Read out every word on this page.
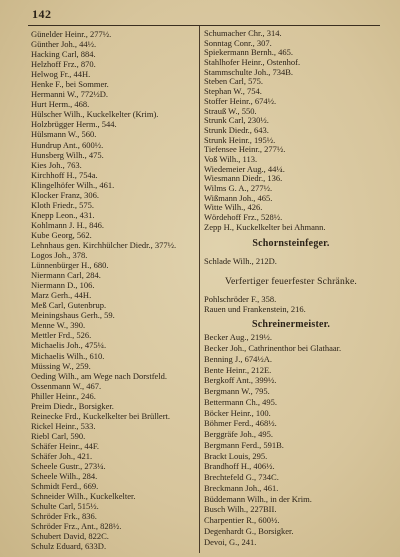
142
Günelder Heinr., 277½.
Günther Joh., 44½.
Hacking Carl, 884.
Helzhoff Frz., 870.
Helwog Fr., 44H.
Henke F., bei Sommer.
Hermanni W., 772½D.
Hurt Herm., 468.
Hülscher Wilh., Kuckelkelter (Krim).
Holzbrügger Herm., 544.
Hülsmann W., 560.
Hundrup Ant., 600½.
Hunsberg Wilh., 475.
Kies Joh., 763.
Kirchhoff H., 754a.
Klingelhöfer Wilh., 461.
Klocker Franz, 306.
Kloth Friedr., 575.
Knepp Leon., 431.
Kohlmann J. H., 846.
Kube Georg, 562.
Lehnhaus gen. Kirchhülcher Diedr., 377½.
Logos Joh., 378.
Lünnenbürger H., 680.
Niermann Carl, 284.
Niermann D., 106.
Marz Gerh., 44H.
Meß Carl, Gutenbrup.
Meiningshaus Gerh., 59.
Menne W., 390.
Mettler Frd., 526.
Michaelis Joh., 475¼.
Michaelis Wilh., 610.
Müssing W., 259.
Oeding Wilh., am Wege nach Dorstfeld.
Ossenmann W., 467.
Philler Heinr., 246.
Preim Diedr., Borsigker.
Reinecke Frd., Kuckelkelter bei Brüllert.
Rickel Heinr., 533.
Riebl Carl, 590.
Schäfer Heinr., 44F.
Schäfer Joh., 421.
Scheele Gustr., 273¼.
Scheele Wilh., 284.
Schmidt Ferd., 669.
Schneider Wilh., Kuckelkelter.
Schulte Carl, 515½.
Schröder Frk., 836.
Schröder Frz., Ant., 828½.
Schubert David, 822C.
Schulz Eduard, 633D.
Schumacher Chr., 314.
Sonntag Conr., 307.
Spiekermann Bernh., 465.
Stahlhofer Heinr., Ostenhof.
Stammschulte Joh., 734B.
Steben Carl, 575.
Stephan W., 754.
Stoffer Heinr., 674½.
Strauß W., 550.
Strunk Carl, 230½.
Strunk Diedr., 643.
Strunk Heinr., 195½.
Tiefensee Heinr., 277½.
Voß Wilh., 113.
Wiedemeier Aug., 44¼.
Wiesmann Diedr., 136.
Wilms G. A., 277½.
Wißmann Joh., 465.
Witte Wilh., 426.
Wördehoff Frz., 528½.
Zepp H., Kuckelkelter bei Ahmann.
Schornsteinfeger.
Schlade Wilh., 212D.
Verfertiger feuerfester Schränke.
Pohlschröder F., 358.
Rauen und Frankenstein, 216.
Schreinermeister.
Becker Aug., 219½.
Becker Joh., Cathrinenthor bei Glathaar.
Benning J., 674½A.
Bente Heinr., 212E.
Bergkoff Ant., 399½.
Bergmann W., 795.
Bettermann Ch., 495.
Böcker Heinr., 100.
Böhmer Ferd., 468½.
Berggräfe Joh., 495.
Bergmann Ferd., 591B.
Brackt Louis, 295.
Brandhoff H., 406½.
Brechtefeld G., 734C.
Breckmann Joh., 461.
Büddemann Wilh., in der Krim.
Busch Wilh., 227BII.
Charpentier R., 600½.
Degenhardt G., Borsigker.
Devoi, G., 241.
